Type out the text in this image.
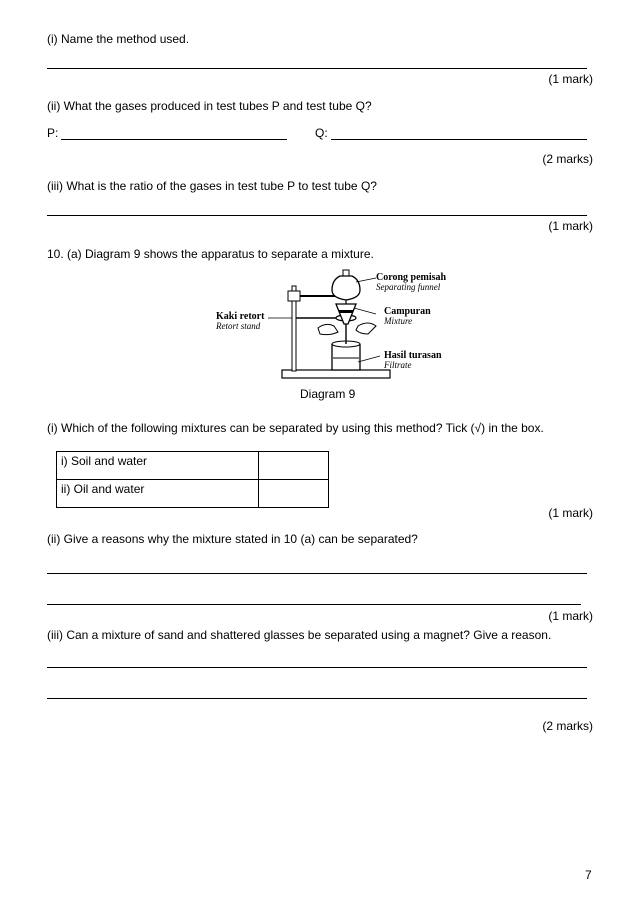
(i) Name the method used.
(1 mark)
(ii) What the gases produced in test tubes P and test tube Q?
P:	Q:
(2 marks)
(iii) What is the ratio of the gases in test tube P to test tube Q?
(1 mark)
10. (a) Diagram 9 shows the apparatus to separate a mixture.
Corong pemisah
Separating funnel
Campuran
Mixture
Kaki retort
Retort stand
Hasil turasan
Filtrate
Diagram 9
(i) Which of the following mixtures can be separated by using this method? Tick (√) in the box.
i) Soil and water	
ii) Oil and water	
(1 mark)
(ii) Give a reasons why the mixture stated in 10 (a) can be separated?
(1 mark)
(iii) Can a mixture of sand and shattered glasses be separated using a magnet? Give a reason.
(2 marks)
7
